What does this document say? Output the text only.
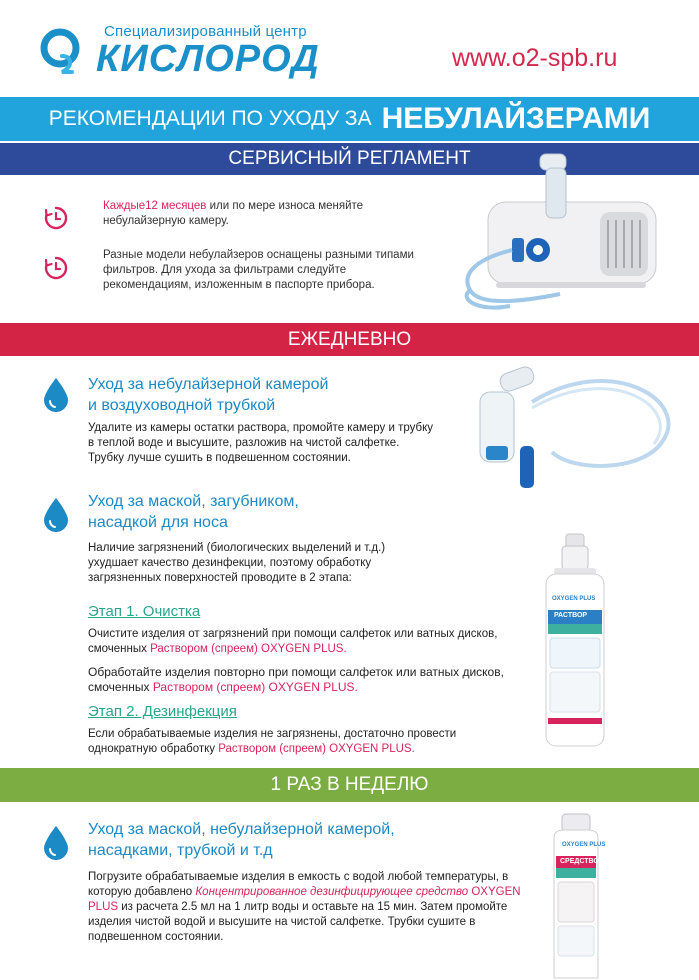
Специализированный центр
КИСЛОРОД	www.o2-spb.ru
РЕКОМЕНДАЦИИ ПО УХОДУ ЗА НЕБУЛАЙЗЕРАМИ
СЕРВИСНЫЙ РЕГЛАМЕНТ
Каждые12 месяцев или по мере износа меняйте небулайзерную камеру.
Разные модели небулайзеров оснащены разными типами фильтров. Для ухода за фильтрами следуйте рекомендациям, изложенным в паспорте прибора.
ЕЖЕДНЕВНО
Уход за небулайзерной камерой
и воздуховодной трубкой
Удалите из камеры остатки раствора, промойте камеру и трубку в теплой воде и высушите, разложив на чистой салфетке. Трубку лучше сушить в подвешенном состоянии.
Уход за маской, загубником,
насадкой для носа
Наличие загрязнений (биологических выделений и т.д.) ухудшает качество дезинфекции, поэтому обработку загрязненных поверхностей проводите в 2 этапа:
Этап 1. Очистка
Очистите изделия от загрязнений при помощи салфеток или ватных дисков, смоченных Раствором (спреем) OXYGEN PLUS.
Обработайте изделия повторно при помощи салфеток или ватных дисков, смоченных Раствором (спреем) OXYGEN PLUS.
Этап 2. Дезинфекция
Если обрабатываемые изделия не загрязнены, достаточно провести однократную обработку Раствором (спреем) OXYGEN PLUS.
OXYGEN PLUS
РАСТВОР
1 РАЗ В НЕДЕЛЮ
Уход за маской, небулайзерной камерой,
насадками, трубкой и т.д
Погрузите обрабатываемые изделия в емкость с водой любой температуры, в которую добавлено Концентрированное дезинфицирующее средство OXYGEN PLUS из расчета 2.5 мл на 1 литр воды и оставьте на 15 мин. Затем промойте изделия чистой водой и высушите на чистой салфетке. Трубки сушите в подвешенном состоянии.
OXYGEN PLUS
СРЕДСТВО
